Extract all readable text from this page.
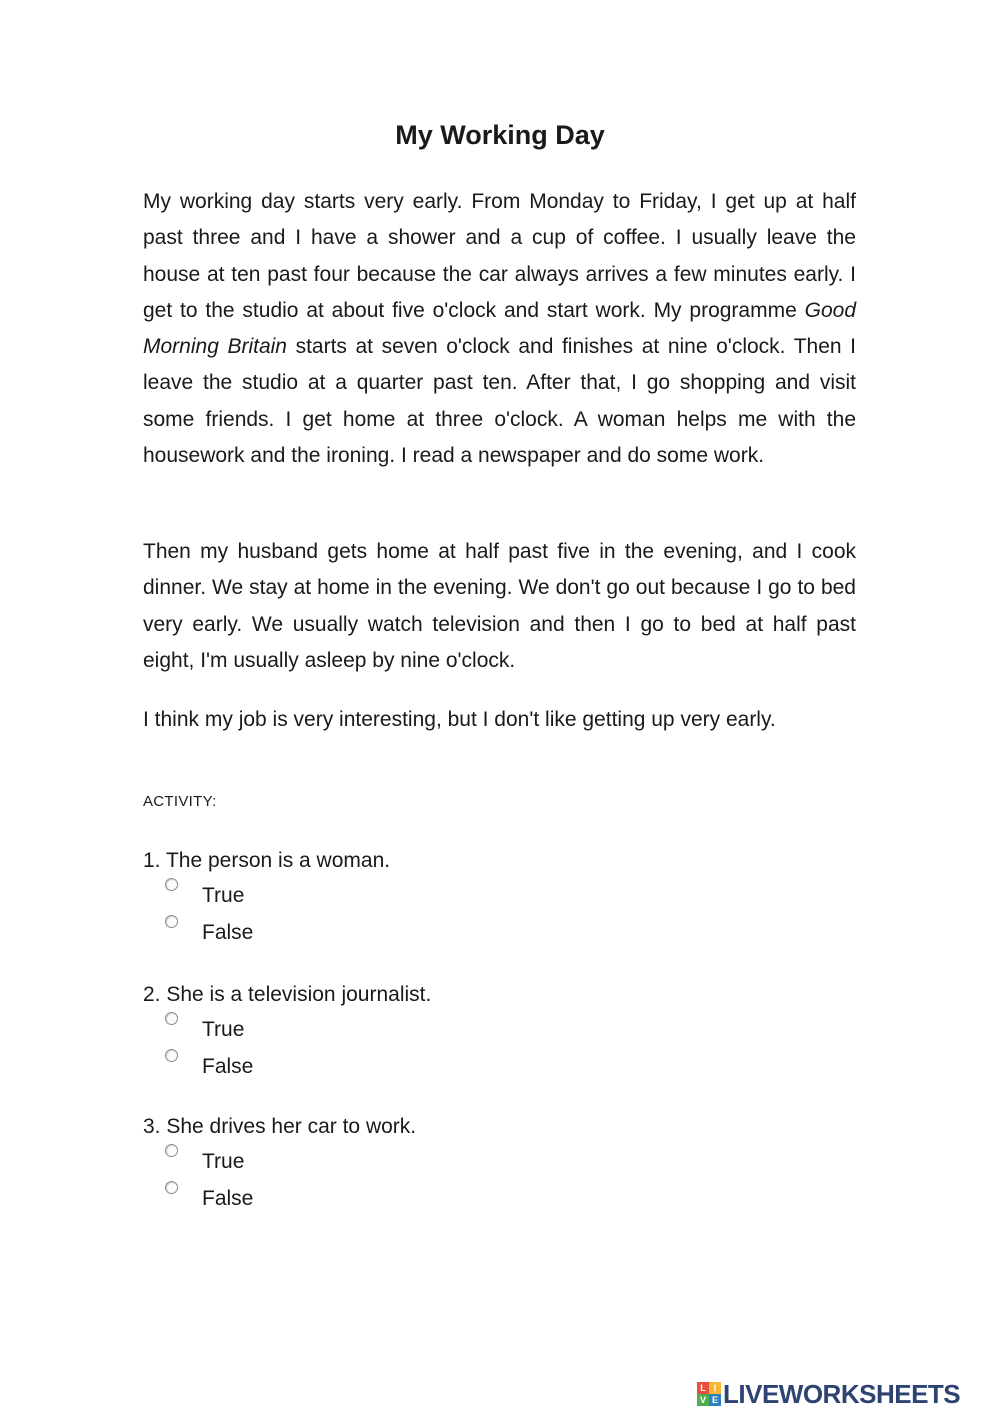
My Working Day

My working day starts very early. From Monday to Friday, I get up at half past three and I have a shower and a cup of coffee. I usually leave the house at ten past four because the car always arrives a few minutes early. I get to the studio at about five o'clock and start work. My programme Good Morning Britain starts at seven o'clock and finishes at nine o'clock. Then I leave the studio at a quarter past ten. After that, I go shopping and visit some friends. I get home at three o'clock. A woman helps me with the housework and the ironing. I read a newspaper and do some work.

Then my husband gets home at half past five in the evening, and I cook dinner. We stay at home in the evening. We don't go out because I go to bed very early. We usually watch television and then I go to bed at half past eight, I'm usually asleep by nine o'clock.

I think my job is very interesting, but I don't like getting up very early.

ACTIVITY:

1. The person is a woman.

True
False

2. She is a television journalist.

True
False

3. She drives her car to work.

True
False
L I
V E LIVEWORKSHEETS
